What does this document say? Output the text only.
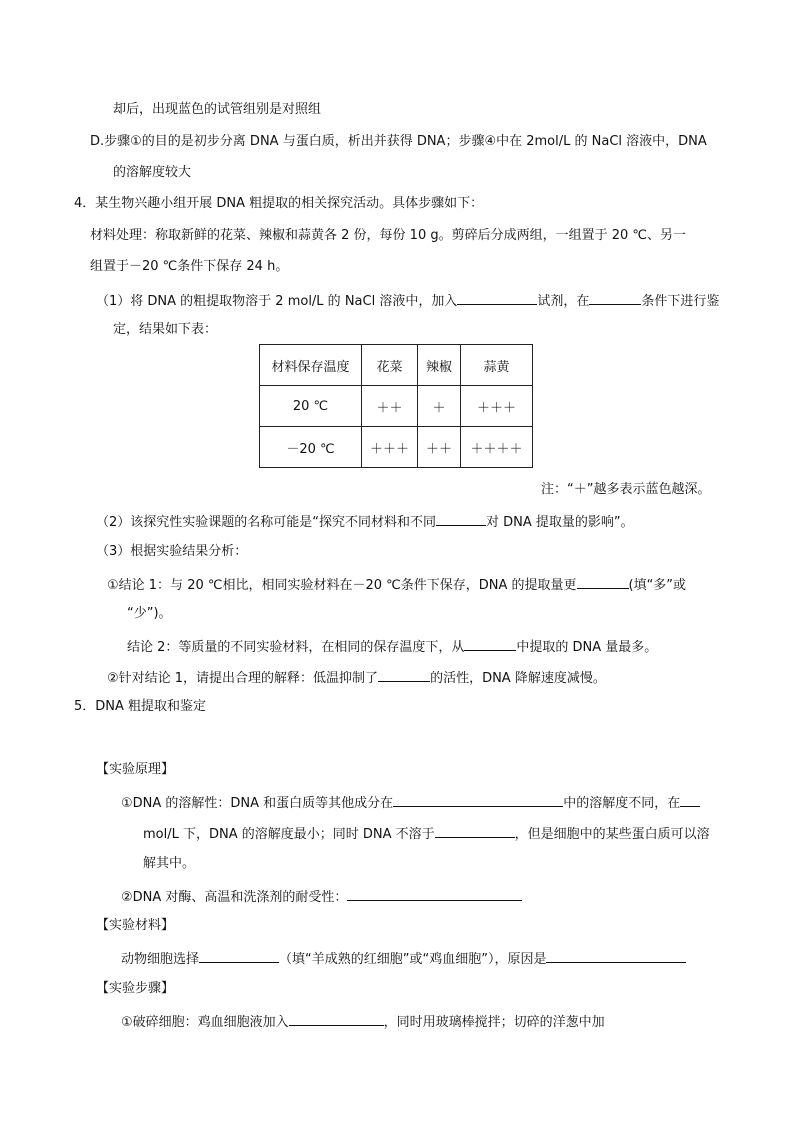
却后，出现蓝色的试管组别是对照组
D.步骤①的目的是初步分离 DNA 与蛋白质，析出并获得 DNA；步骤④中在 2mol/L 的 NaCl 溶液中，DNA
的溶解度较大
4．某生物兴趣小组开展 DNA 粗提取的相关探究活动。具体步骤如下：
材料处理：称取新鲜的花菜、辣椒和蒜黄各 2 份，每份 10 g。剪碎后分成两组，一组置于 20 ℃、另一
组置于－20 ℃条件下保存 24 h。
（1）将 DNA 的粗提取物溶于 2 mol/L 的 NaCl 溶液中，加入	试剂，在	条件下进行鉴
定，结果如下表：
材料保存温度	花菜	辣椒	蒜黄
20 ℃	＋＋	＋	＋＋＋
－20 ℃	＋＋＋	＋＋	＋＋＋＋
注：“＋”越多表示蓝色越深。
（2）该探究性实验课题的名称可能是“探究不同材料和不同	对 DNA 提取量的影响”。
（3）根据实验结果分析：
①结论 1：与 20 ℃相比，相同实验材料在－20 ℃条件下保存，DNA 的提取量更	(填“多”或
“少”)。
结论 2：等质量的不同实验材料，在相同的保存温度下，从	中提取的 DNA 量最多。
②针对结论 1，请提出合理的解释：低温抑制了	的活性，DNA 降解速度减慢。
5．DNA 粗提取和鉴定
【实验原理】
①DNA 的溶解性：DNA 和蛋白质等其他成分在	中的溶解度不同，在
mol/L 下，DNA 的溶解度最小；同时 DNA 不溶于	，但是细胞中的某些蛋白质可以溶
解其中。
②DNA 对酶、高温和洗涤剂的耐受性：
【实验材料】
动物细胞选择	（填“羊成熟的红细胞”或“鸡血细胞”），原因是
【实验步骤】
①破碎细胞：鸡血细胞液加入	，同时用玻璃棒搅拌；切碎的洋葱中加
